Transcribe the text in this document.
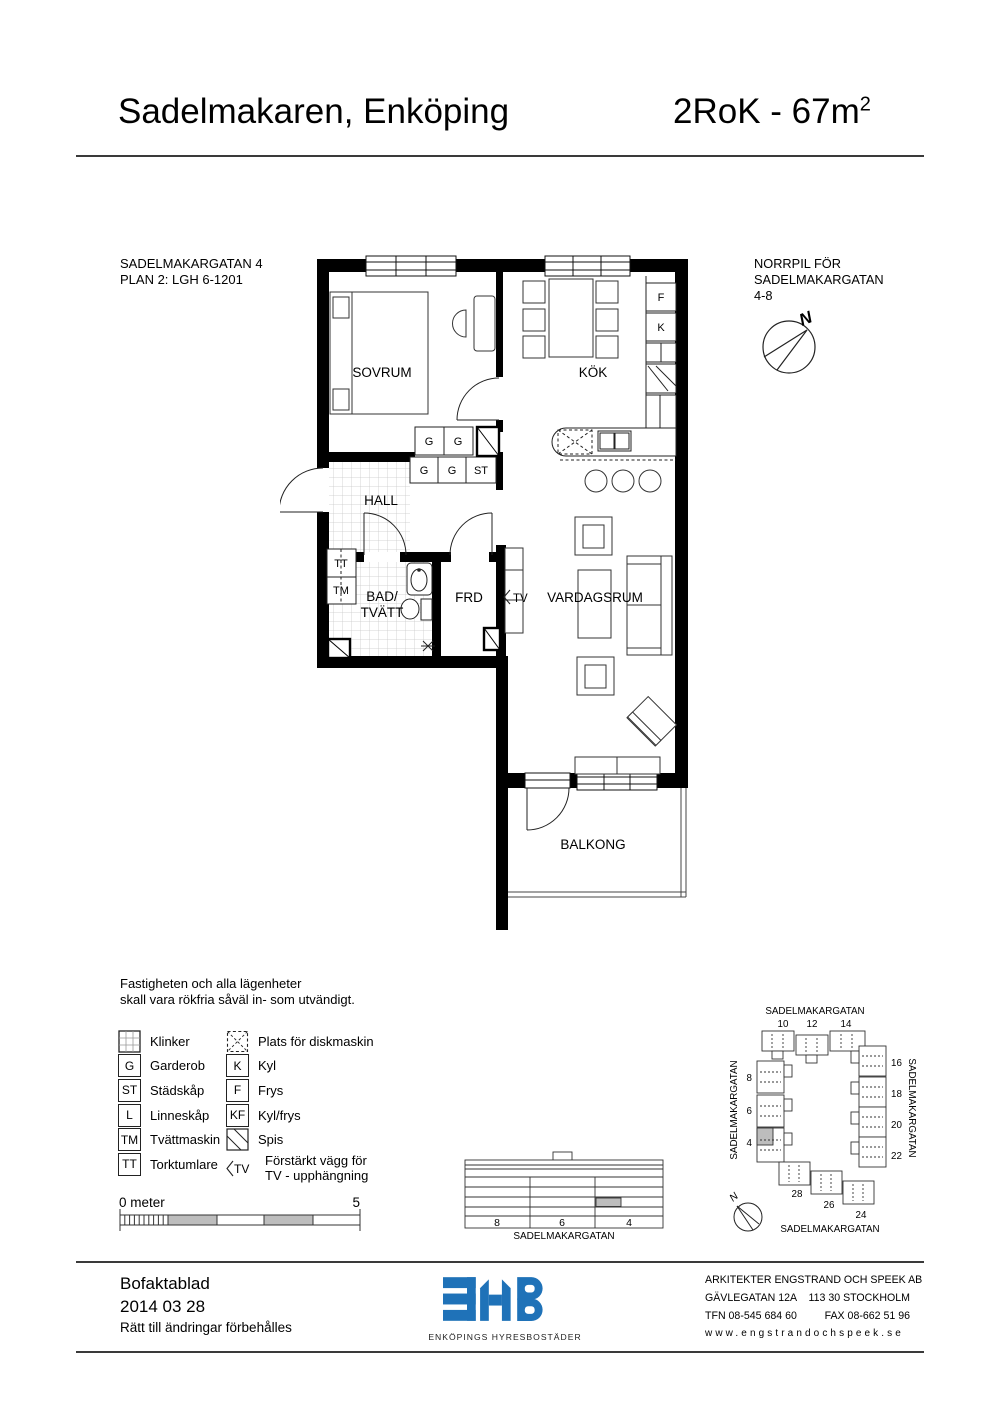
Sadelmakaren, Enköping	$2RoK - 67m^2$
SADELMAKARGATAN 4
PLAN 2: LGH 6-1201
NORRPIL FÖR
SADELMAKARGATAN
4-8
N
TV
SOVRUM	KÖK
HALL
BAD/
TVÄTT
FRD	VARDAGSRUM
BALKONG
G G
G G ST
F
K
TT
TM
Fastigheten och alla lägenheter
skall vara rökfria såväl in- som utvändigt.
Klinker
G	Garderob
ST Städskåp
L	Linneskåp
TM Tvättmaskin
TT	Torktumlare
Plats för diskmaskin
K	Kyl
F	Frys
KF Kyl/frys
Spis
TV
Förstärkt vägg för
TV - upphängning
0 meter	5
8	6	4
SADELMAKARGATAN
SADELMAKARGATAN
10 12 14
SADELMAKARGATAN 8
6
4	SADELMAKARGATAN
16
18
20
22
28
26
24
SADELMAKARGATAN
N
Bofaktablad
2014 03 28
Rätt till ändringar förbehålles
ENKÖPINGS HYRESBOSTÄDER
ARKITEKTER ENGSTRAND OCH SPEEK AB
GÄVLEGATAN 12A 113 30 STOCKHOLM
TFN 08-545 684 60	FAX 08-662 51 96
www.engstrandochspeek.se
